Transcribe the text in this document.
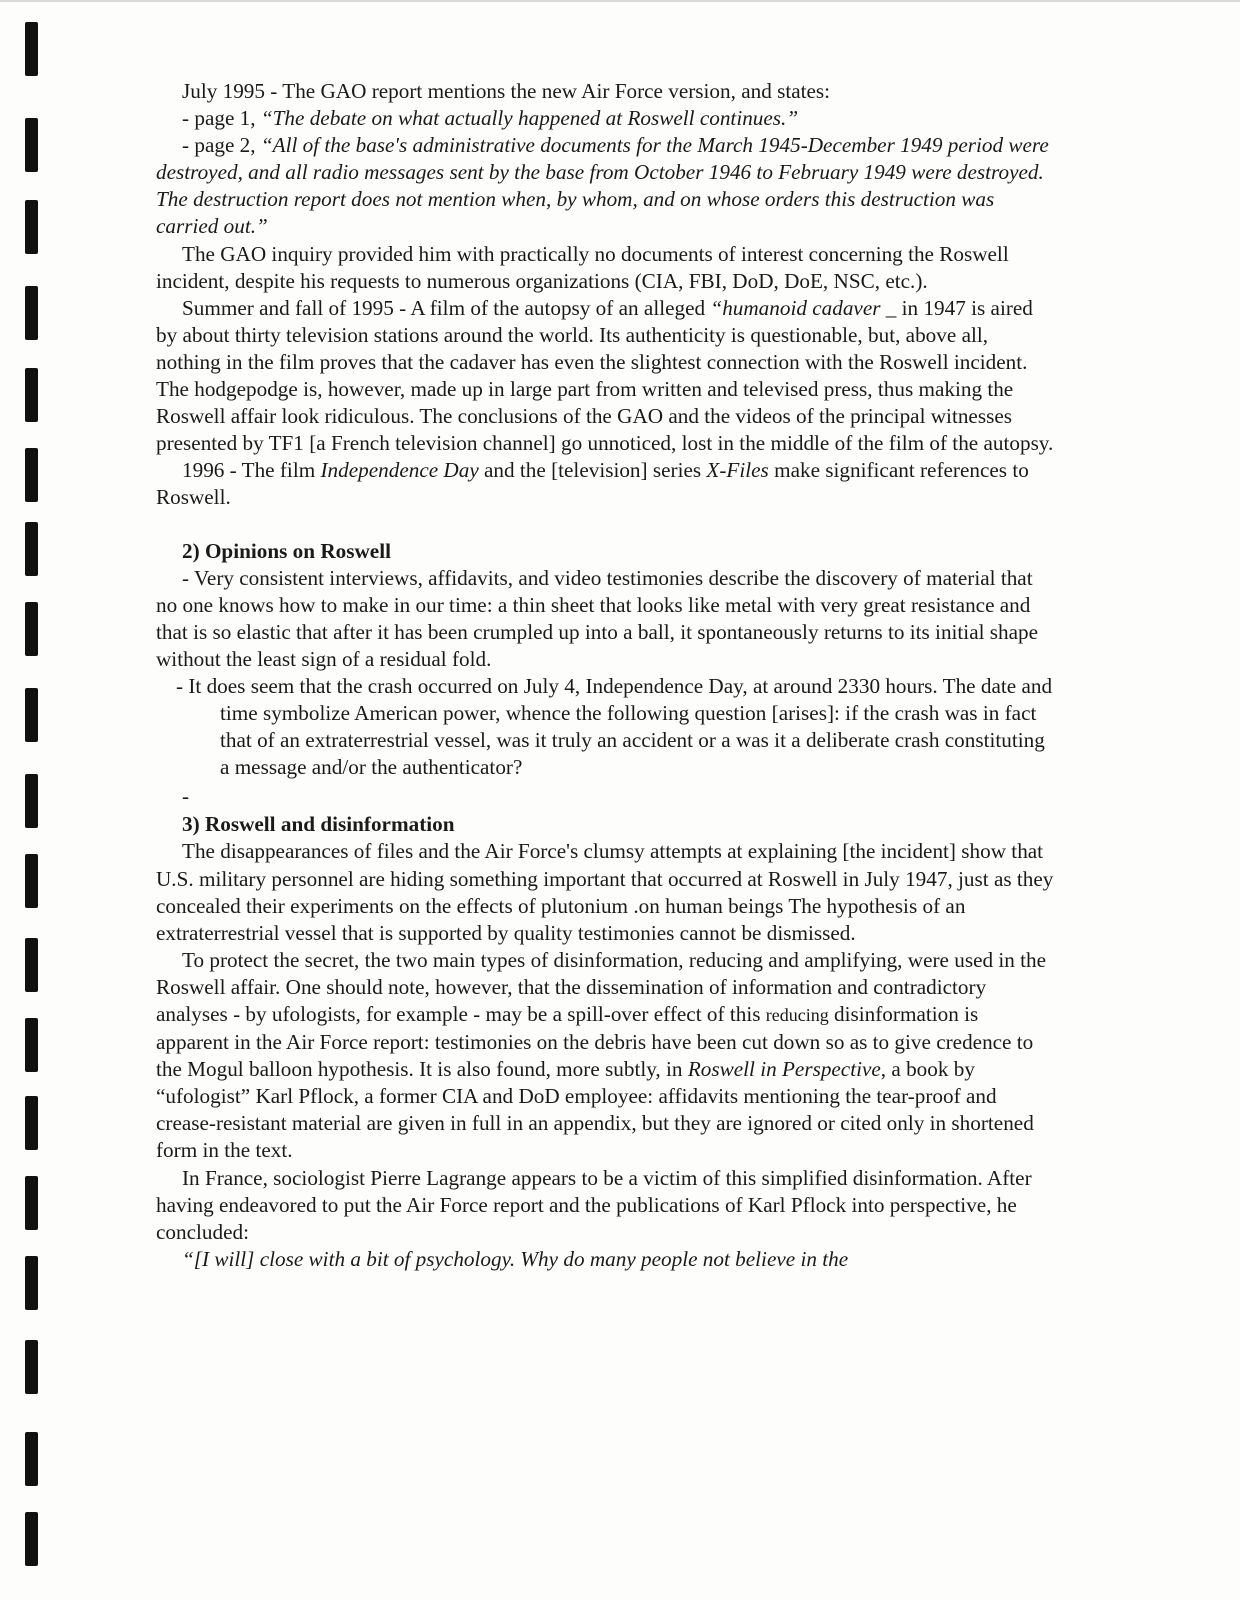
July 1995 - The GAO report mentions the new Air Force version, and states:

- page 1, “The debate on what actually happened at Roswell continues.”

- page 2, “All of the base's administrative documents for the March 1945-December 1949 period were destroyed, and all radio messages sent by the base from October 1946 to February 1949 were destroyed. The destruction report does not mention when, by whom, and on whose orders this destruction was carried out.”

The GAO inquiry provided him with practically no documents of interest concerning the Roswell incident, despite his requests to numerous organizations (CIA, FBI, DoD, DoE, NSC, etc.).

Summer and fall of 1995 - A film of the autopsy of an alleged “humanoid cadaver _ in 1947 is aired by about thirty television stations around the world. Its authenticity is questionable, but, above all, nothing in the film proves that the cadaver has even the slightest connection with the Roswell incident. The hodgepodge is, however, made up in large part from written and televised press, thus making the Roswell affair look ridiculous. The conclusions of the GAO and the videos of the principal witnesses presented by TF1 [a French television channel] go unnoticed, lost in the middle of the film of the autopsy.

1996 - The film Independence Day and the [television] series X-Files make significant references to Roswell.

2) Opinions on Roswell

- Very consistent interviews, affidavits, and video testimonies describe the discovery of material that no one knows how to make in our time: a thin sheet that looks like metal with very great resistance and that is so elastic that after it has been crumpled up into a ball, it spontaneously returns to its initial shape without the least sign of a residual fold.

- It does seem that the crash occurred on July 4, Independence Day, at around 2330 hours. The date and time symbolize American power, whence the following question [arises]: if the crash was in fact that of an extraterrestrial vessel, was it truly an accident or a was it a deliberate crash constituting a message and/or the authenticator?

-

3) Roswell and disinformation

The disappearances of files and the Air Force's clumsy attempts at explaining [the incident] show that U.S. military personnel are hiding something important that occurred at Roswell in July 1947, just as they concealed their experiments on the effects of plutonium .on human beings The hypothesis of an extraterrestrial vessel that is supported by quality testimonies cannot be dismissed.

To protect the secret, the two main types of disinformation, reducing and amplifying, were used in the Roswell affair. One should note, however, that the dissemination of information and contradictory analyses - by ufologists, for example - may be a spill-over effect of this reducing disinformation is apparent in the Air Force report: testimonies on the debris have been cut down so as to give credence to the Mogul balloon hypothesis. It is also found, more subtly, in Roswell in Perspective, a book by “ufologist” Karl Pflock, a former CIA and DoD employee: affidavits mentioning the tear-proof and crease-resistant material are given in full in an appendix, but they are ignored or cited only in shortened form in the text.

In France, sociologist Pierre Lagrange appears to be a victim of this simplified disinformation. After having endeavored to put the Air Force report and the publications of Karl Pflock into perspective, he concluded:

“[I will] close with a bit of psychology. Why do many people not believe in the
